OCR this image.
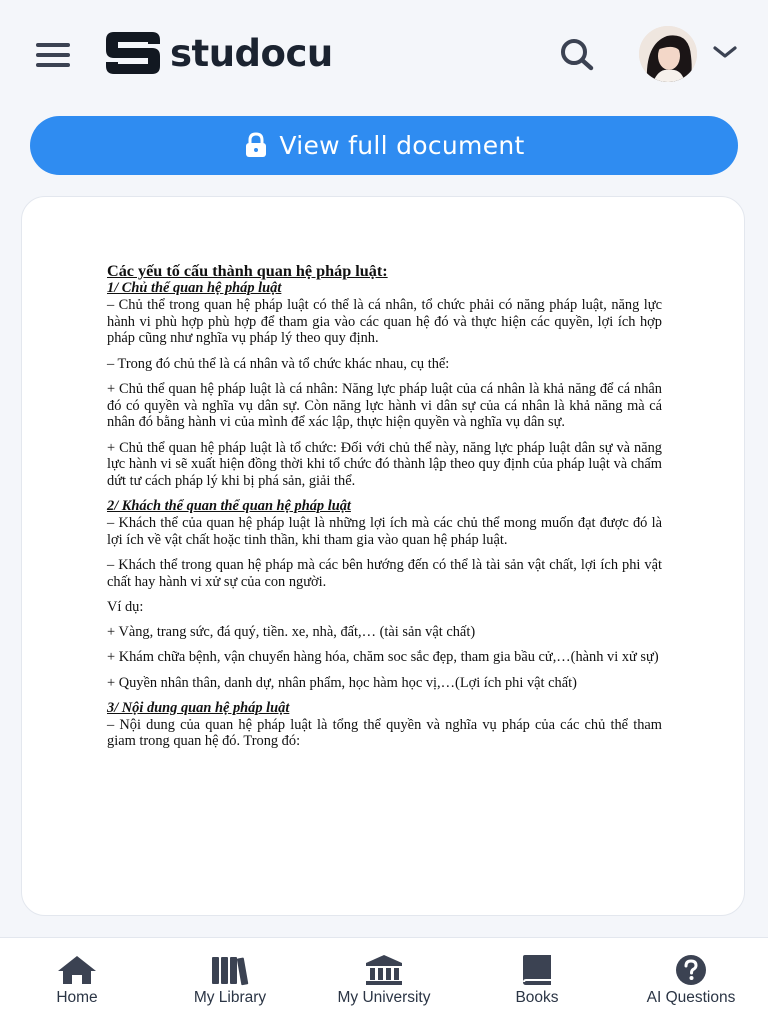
studocu
View full document

Các yếu tố cấu thành quan hệ pháp luật:

1/ Chủ thể quan hệ pháp luật

– Chủ thể trong quan hệ pháp luật có thể là cá nhân, tổ chức phải có năng pháp luật, năng lực hành vi phù hợp phù hợp để tham gia vào các quan hệ đó và thực hiện các quyền, lợi ích hợp pháp cũng như nghĩa vụ pháp lý theo quy định.

– Trong đó chủ thể là cá nhân và tổ chức khác nhau, cụ thể:

+ Chủ thể quan hệ pháp luật là cá nhân: Năng lực pháp luật của cá nhân là khả năng để cá nhân đó có quyền và nghĩa vụ dân sự. Còn năng lực hành vi dân sự của cá nhân là khả năng mà cá nhân đó bằng hành vi của mình để xác lập, thực hiện quyền và nghĩa vụ dân sự.

+ Chủ thể quan hệ pháp luật là tổ chức: Đối với chủ thể này, năng lực pháp luật dân sự và năng lực hành vi sẽ xuất hiện đồng thời khi tổ chức đó thành lập theo quy định của pháp luật và chấm dứt tư cách pháp lý khi bị phá sản, giải thể.

2/ Khách thể quan thể quan hệ pháp luật

– Khách thể của quan hệ pháp luật là những lợi ích mà các chủ thể mong muốn đạt được đó là lợi ích về vật chất hoặc tinh thần, khi tham gia vào quan hệ pháp luật.

– Khách thể trong quan hệ pháp mà các bên hướng đến có thể là tài sản vật chất, lợi ích phi vật chất hay hành vi xử sự của con người.

Ví dụ:

+ Vàng, trang sức, đá quý, tiền. xe, nhà, đất,… (tài sản vật chất)

+ Khám chữa bệnh, vận chuyển hàng hóa, chăm soc sắc đẹp, tham gia bầu cử,…(hành vi xử sự)

+ Quyền nhân thân, danh dự, nhân phẩm, học hàm học vị,…(Lợi ích phi vật chất)

3/ Nội dung quan hệ pháp luật

– Nội dung của quan hệ pháp luật là tổng thể quyền và nghĩa vụ pháp của các chủ thể tham giam trong quan hệ đó. Trong đó:

Home	My Library	My University	Books	AI Questions
